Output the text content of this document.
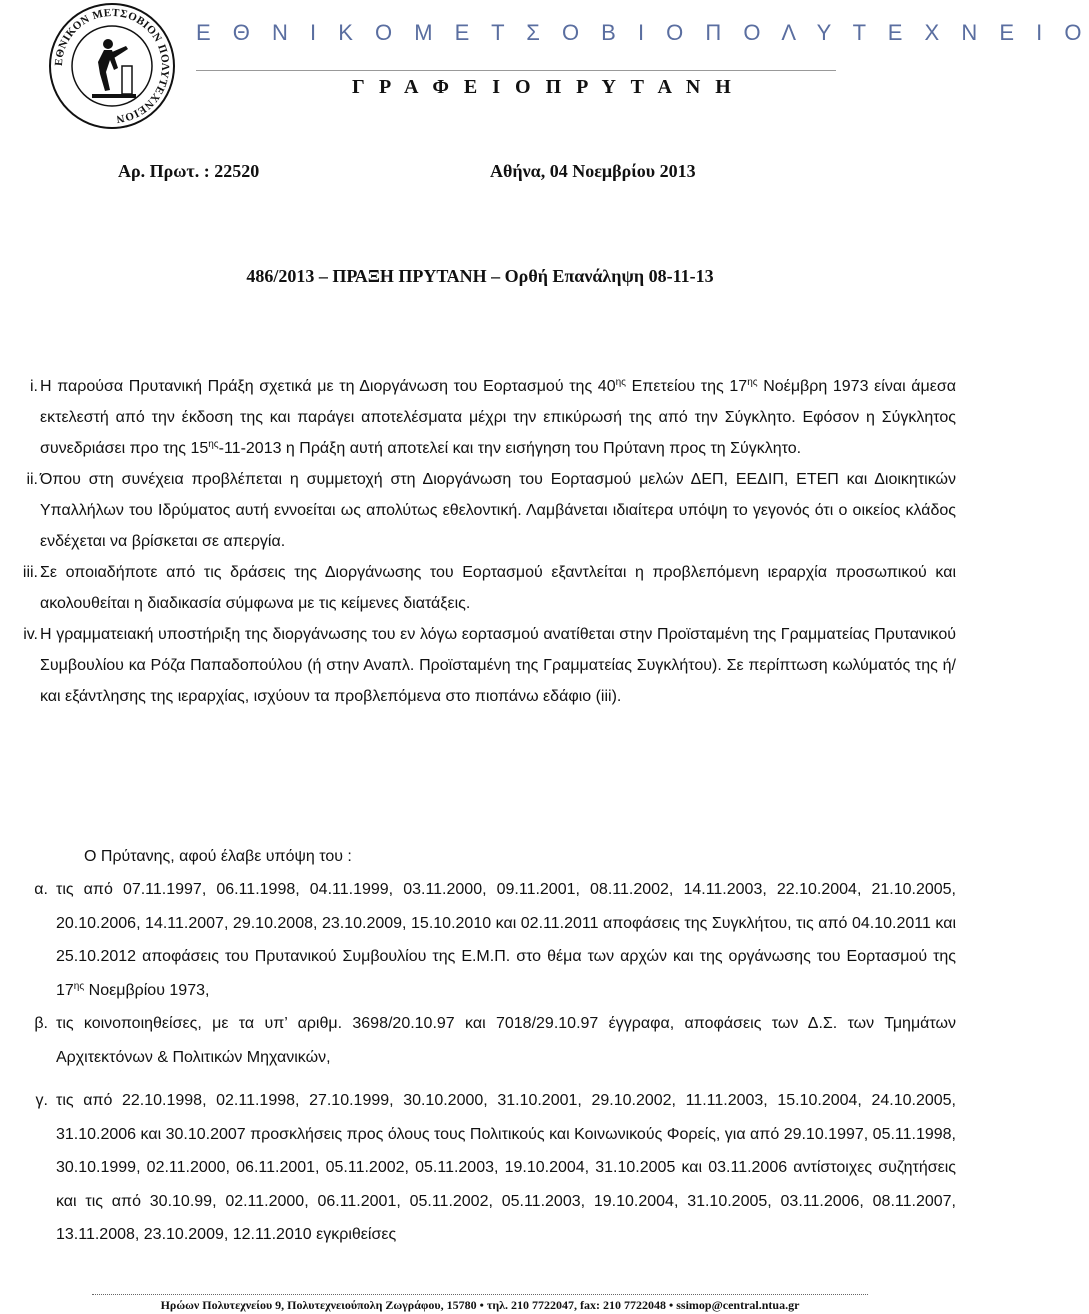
ΕΘΝΙΚΟΝ ΜΕΤΣΟΒΙΟΝ ΠΟΛΥΤΕΧΝΕΙΟΝ
Ε Θ Ν Ι Κ Ο Μ Ε Τ Σ Ο Β Ι Ο Π Ο Λ Υ Τ Ε Χ Ν Ε Ι Ο
Γ Ρ Α Φ Ε Ι Ο Π Ρ Υ Τ Α Ν Η
Αρ. Πρωτ. : 22520	Αθήνα, 04 Νοεμβρίου 2013
486/2013 – ΠΡΑΞΗ ΠΡΥΤΑΝΗ – Ορθή Επανάληψη 08-11-13
i. Η παρούσα Πρυτανική Πράξη σχετικά με τη Διοργάνωση του Εορτασμού της $40^{\eta\varsigma}$ Επετείου της $17^{\eta\varsigma}$ Νοέμβρη 1973 είναι άμεσα εκτελεστή από την έκδοση της και παράγει αποτελέσματα μέχρι την επικύρωσή της από την Σύγκλητο. Εφόσον η Σύγκλητος συνεδριάσει προ της $15^{\eta\varsigma}-11-2013$ η Πράξη αυτή αποτελεί και την εισήγηση του Πρύτανη προς τη Σύγκλητο.
ii. Όπου στη συνέχεια προβλέπεται η συμμετοχή στη Διοργάνωση του Εορτασμού μελών ΔΕΠ, ΕΕΔΙΠ, ΕΤΕΠ και Διοικητικών Υπαλλήλων του Ιδρύματος αυτή εννοείται ως απολύτως εθελοντική. Λαμβάνεται ιδιαίτερα υπόψη το γεγονός ότι ο οικείος κλάδος ενδέχεται να βρίσκεται σε απεργία.
iii. Σε οποιαδήποτε από τις δράσεις της Διοργάνωσης του Εορτασμού εξαντλείται η προβλεπόμενη ιεραρχία προσωπικού και ακολουθείται η διαδικασία σύμφωνα με τις κείμενες διατάξεις.
iv. Η γραμματειακή υποστήριξη της διοργάνωσης του εν λόγω εορτασμού ανατίθεται στην Προϊσταμένη της Γραμματείας Πρυτανικού Συμβουλίου κα Ρόζα Παπαδοπούλου (ή στην Αναπλ. Προϊσταμένη της Γραμματείας Συγκλήτου). Σε περίπτωση κωλύματός της ή/και εξάντλησης της ιεραρχίας, ισχύουν τα προβλεπόμενα στο πιοπάνω εδάφιο (iii).
Ο Πρύτανης, αφού έλαβε υπόψη του :
α. τις από 07.11.1997, 06.11.1998, 04.11.1999, 03.11.2000, 09.11.2001, 08.11.2002, 14.11.2003, 22.10.2004, 21.10.2005, 20.10.2006, 14.11.2007, 29.10.2008, 23.10.2009, 15.10.2010 και 02.11.2011 αποφάσεις της Συγκλήτου, τις από 04.10.2011 και 25.10.2012 αποφάσεις του Πρυτανικού Συμβουλίου της Ε.Μ.Π. στο θέμα των αρχών και της οργάνωσης του Εορτασμού της $17^{\eta\varsigma}$ Νοεμβρίου 1973,
β. τις κοινοποιηθείσες, με τα υπ’ αριθμ. 3698/20.10.97 και 7018/29.10.97 έγγραφα, αποφάσεις των Δ.Σ. των Τμημάτων Αρχιτεκτόνων & Πολιτικών Μηχανικών,
γ. τις από 22.10.1998, 02.11.1998, 27.10.1999, 30.10.2000, 31.10.2001, 29.10.2002, 11.11.2003, 15.10.2004, 24.10.2005, 31.10.2006 και 30.10.2007 προσκλήσεις προς όλους τους Πολιτικούς και Κοινωνικούς Φορείς, για από 29.10.1997, 05.11.1998, 30.10.1999, 02.11.2000, 06.11.2001, 05.11.2002, 05.11.2003, 19.10.2004, 31.10.2005 και 03.11.2006 αντίστοιχες συζητήσεις και τις από 30.10.99, 02.11.2000, 06.11.2001, 05.11.2002, 05.11.2003, 19.10.2004, 31.10.2005, 03.11.2006, 08.11.2007, 13.11.2008, 23.10.2009, 12.11.2010 εγκριθείσες
Ηρώων Πολυτεχνείου 9, Πολυτεχνειούπολη Ζωγράφου, 15780 • τηλ. 210 7722047, fax: 210 7722048 • ssimop@central.ntua.gr
